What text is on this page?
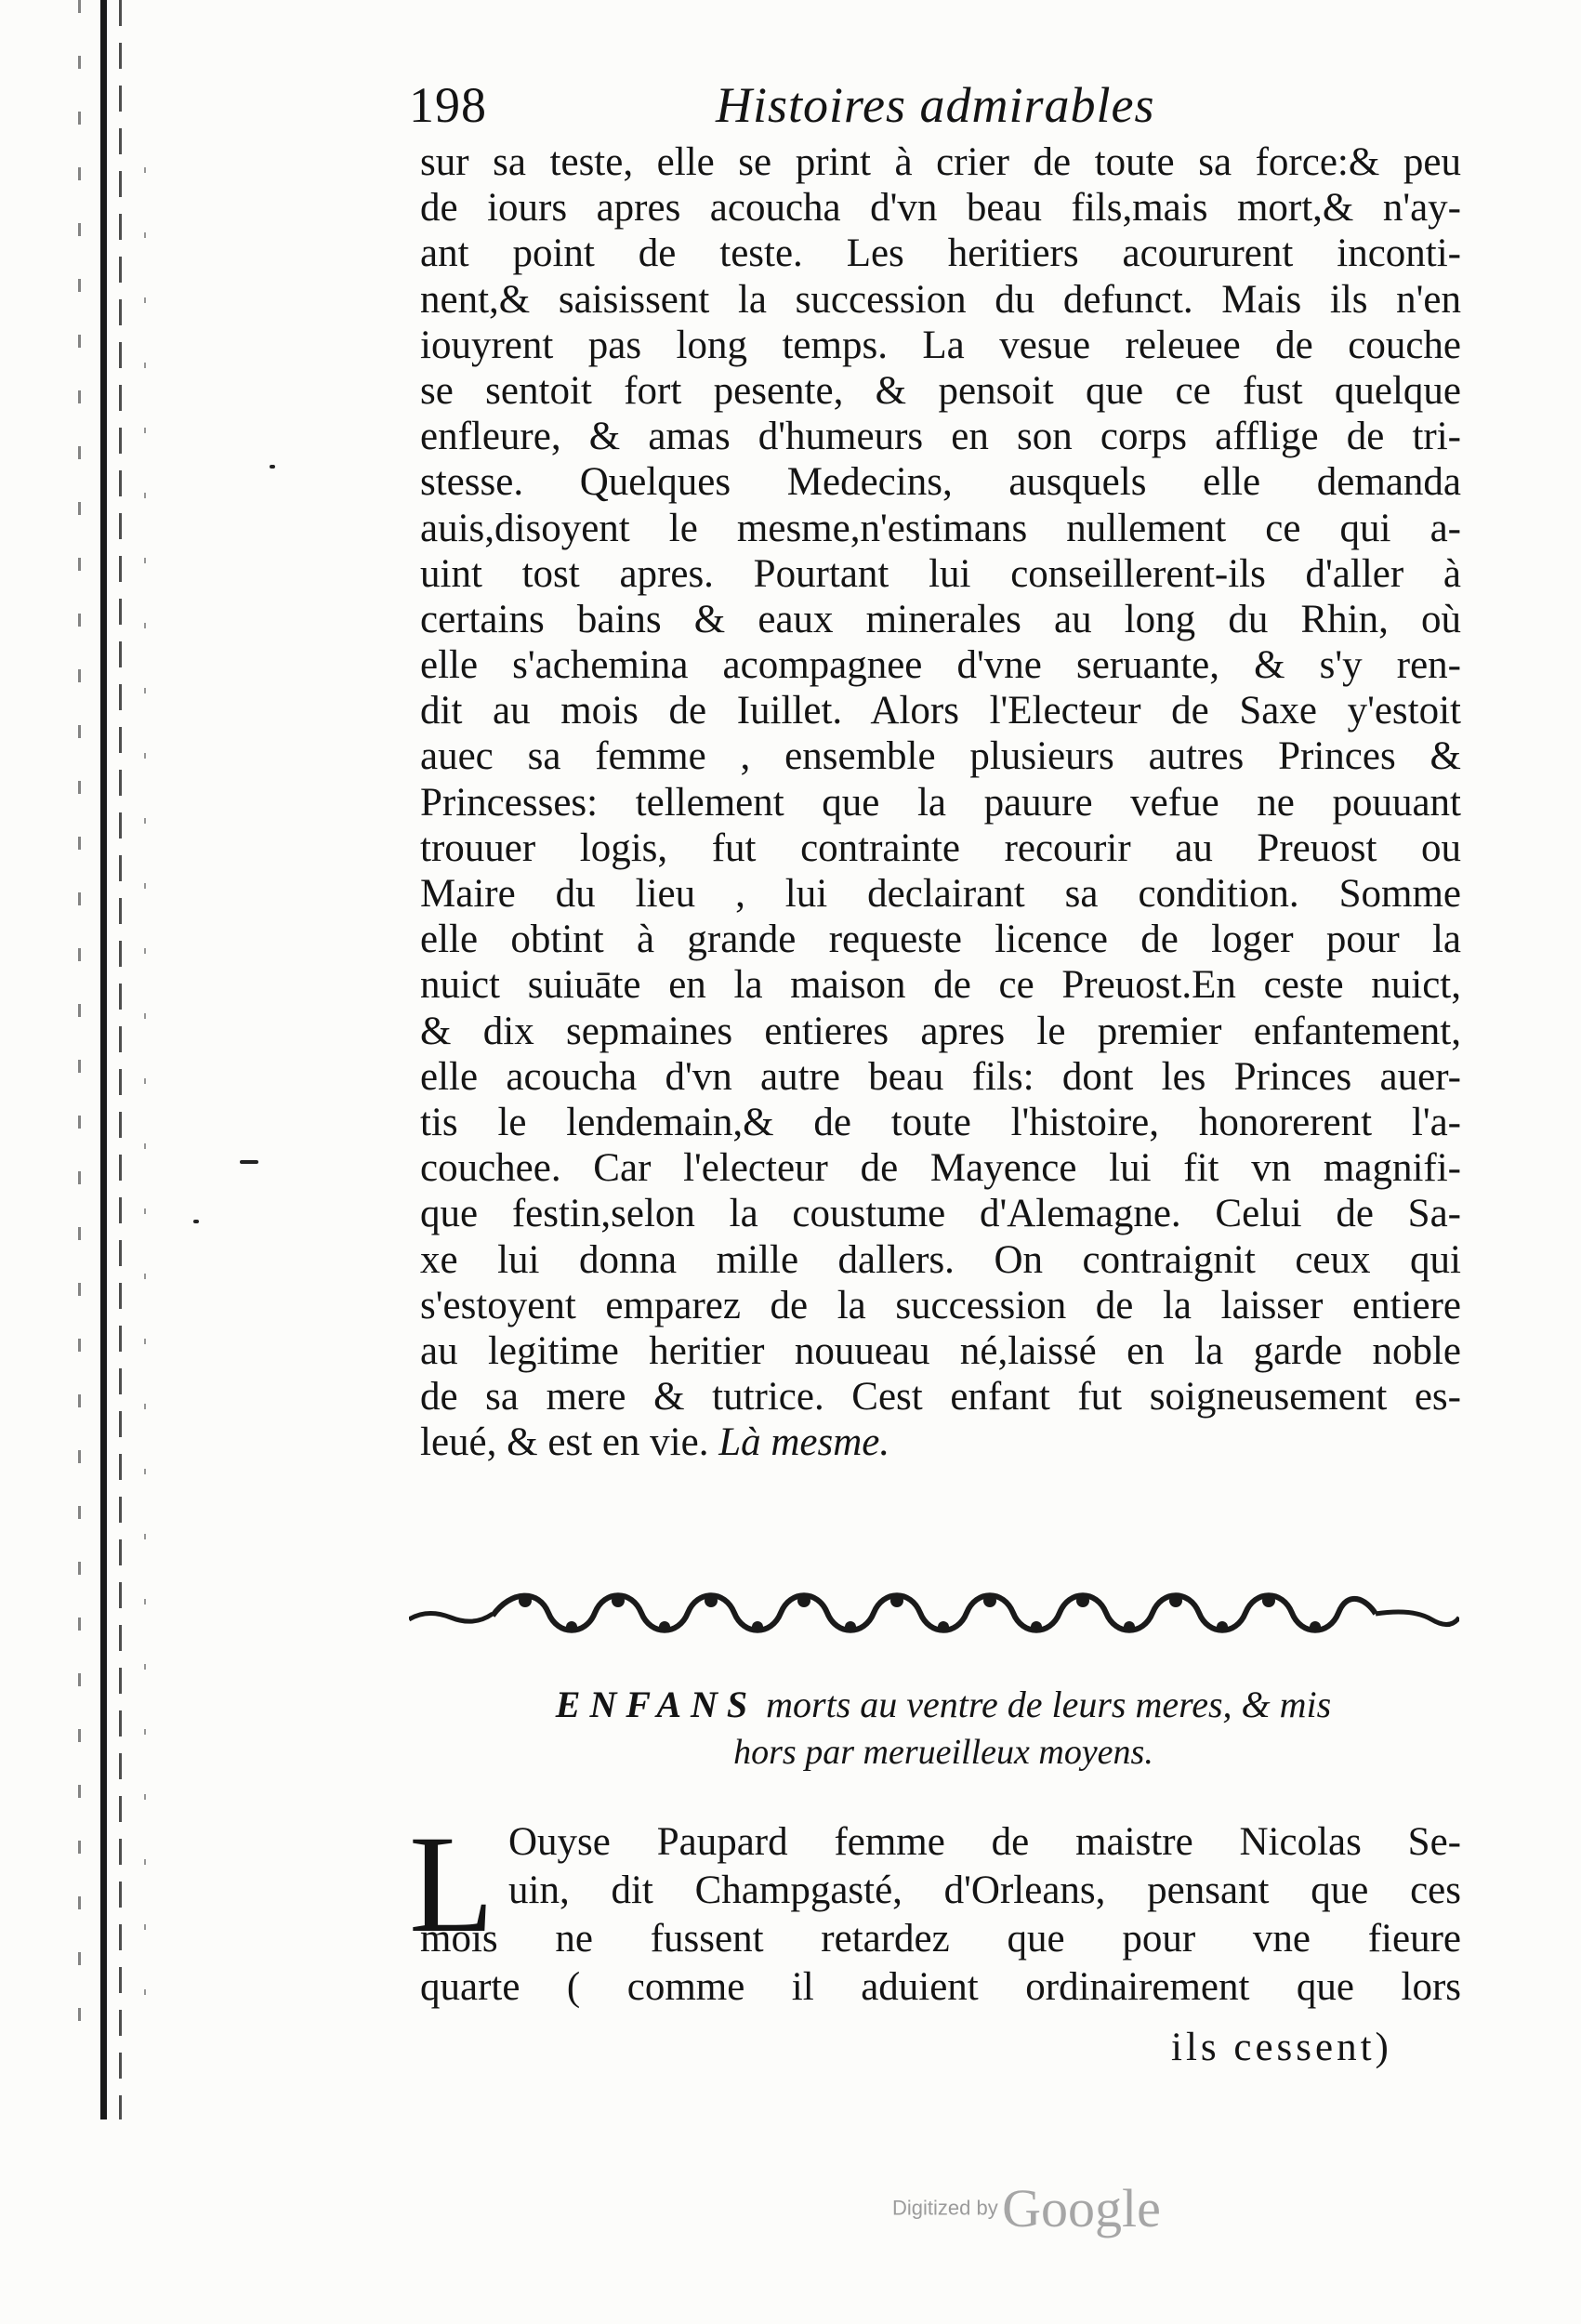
198	Histoires admirables
sur sa teste, elle se print à crier de toute sa force:& peu
de iours apres acoucha d'vn beau fils,mais mort,& n'ay-
ant point de teste. Les heritiers acoururent inconti-
nent,& saisissent la succession du defunct. Mais ils n'en
iouyrent pas long temps. La vesue releuee de couche
se sentoit fort pesente, & pensoit que ce fust quelque
enfleure, & amas d'humeurs en son corps afflige de tri-
stesse. Quelques Medecins, ausquels elle demanda
auis,disoyent le mesme,n'estimans nullement ce qui a-
uint tost apres. Pourtant lui conseillerent-ils d'aller à
certains bains & eaux minerales au long du Rhin, où
elle s'achemina acompagnee d'vne seruante, & s'y ren-
dit au mois de Iuillet. Alors l'Electeur de Saxe y'estoit
auec sa femme , ensemble plusieurs autres Princes &
Princesses: tellement que la pauure vefue ne pouuant
trouuer logis, fut contrainte recourir au Preuost ou
Maire du lieu , lui declairant sa condition. Somme
elle obtint à grande requeste licence de loger pour la
nuict suiuāte en la maison de ce Preuost.En ceste nuict,
& dix sepmaines entieres apres le premier enfantement,
elle acoucha d'vn autre beau fils: dont les Princes auer-
tis le lendemain,& de toute l'histoire, honorerent l'a-
couchee. Car l'electeur de Mayence lui fit vn magnifi-
que festin,selon la coustume d'Alemagne. Celui de Sa-
xe lui donna mille dallers. On contraignit ceux qui
s'estoyent emparez de la succession de la laisser entiere
au legitime heritier nouueau né,laissé en la garde noble
de sa mere & tutrice. Cest enfant fut soigneusement es-
leué, & est en vie. Là mesme.
ENFANS morts au ventre de leurs meres, & mis
hors par merueilleux moyens.
L Ouyse Paupard femme de maistre Nicolas Se-
uin, dit Champgasté, d'Orleans, pensant que ces
mois ne fussent retardez que pour vne fieure
quarte ( comme il aduient ordinairement que lors
ils cessent)
Digitized by Google
